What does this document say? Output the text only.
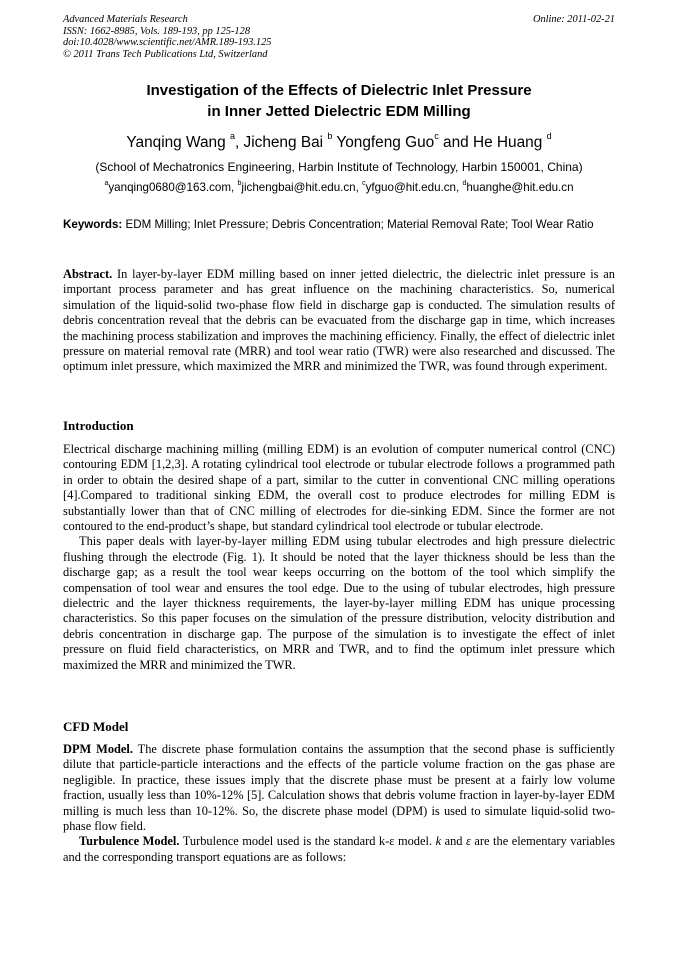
Advanced Materials Research
ISSN: 1662-8985, Vols. 189-193, pp 125-128
doi:10.4028/www.scientific.net/AMR.189-193.125
© 2011 Trans Tech Publications Ltd, Switzerland
Online: 2011-02-21
Investigation of the Effects of Dielectric Inlet Pressure
in Inner Jetted Dielectric EDM Milling
Yanqing Wang $^a$, Jicheng Bai $^b$ Yongfeng Guo$^c$ and He Huang $^d$
(School of Mechatronics Engineering, Harbin Institute of Technology, Harbin 150001, China)
$^a$yanqing0680@163.com, $^b$jichengbai@hit.edu.cn, $^c$yfguo@hit.edu.cn, $^d$huanghe@hit.edu.cn
Keywords: EDM Milling; Inlet Pressure; Debris Concentration; Material Removal Rate; Tool Wear Ratio

Abstract. In layer-by-layer EDM milling based on inner jetted dielectric, the dielectric inlet pressure is an important process parameter and has great influence on the machining characteristics. So, numerical simulation of the liquid-solid two-phase flow field in discharge gap is conducted. The simulation results of debris concentration reveal that the debris can be evacuated from the discharge gap in time, which increases the machining process stabilization and improves the machining efficiency. Finally, the effect of dielectric inlet pressure on material removal rate (MRR) and tool wear ratio (TWR) were also researched and discussed. The optimum inlet pressure, which maximized the MRR and minimized the TWR, was found through experiment.

Introduction

Electrical discharge machining milling (milling EDM) is an evolution of computer numerical control (CNC) contouring EDM [1,2,3]. A rotating cylindrical tool electrode or tubular electrode follows a programmed path in order to obtain the desired shape of a part, similar to the cutter in conventional CNC milling operations [4].Compared to traditional sinking EDM, the overall cost to produce electrodes for milling EDM is substantially lower than that of CNC milling of electrodes for die-sinking EDM. Since the former are not contoured to the end-product’s shape, but standard cylindrical tool electrode or tubular electrode.

This paper deals with layer-by-layer milling EDM using tubular electrodes and high pressure dielectric flushing through the electrode (Fig. 1). It should be noted that the layer thickness should be less than the discharge gap; as a result the tool wear keeps occurring on the bottom of the tool which simplify the compensation of tool wear and ensures the tool edge. Due to the using of tubular electrodes, high pressure dielectric and the layer thickness requirements, the layer-by-layer milling EDM has unique processing characteristics. So this paper focuses on the simulation of the pressure distribution, velocity distribution and debris concentration in discharge gap. The purpose of the simulation is to investigate the effect of inlet pressure on fluid field characteristics, on MRR and TWR, and to find the optimum inlet pressure which maximized the MRR and minimized the TWR.

CFD Model

DPM Model. The discrete phase formulation contains the assumption that the second phase is sufficiently dilute that particle-particle interactions and the effects of the particle volume fraction on the gas phase are negligible. In practice, these issues imply that the discrete phase must be present at a fairly low volume fraction, usually less than 10%-12% [5]. Calculation shows that debris volume fraction in layer-by-layer EDM milling is much less than 10-12%. So, the discrete phase model (DPM) is used to simulate liquid-solid two-phase flow field.

Turbulence Model. Turbulence model used is the standard k-ε model. k and ε are the elementary variables and the corresponding transport equations are as follows:
